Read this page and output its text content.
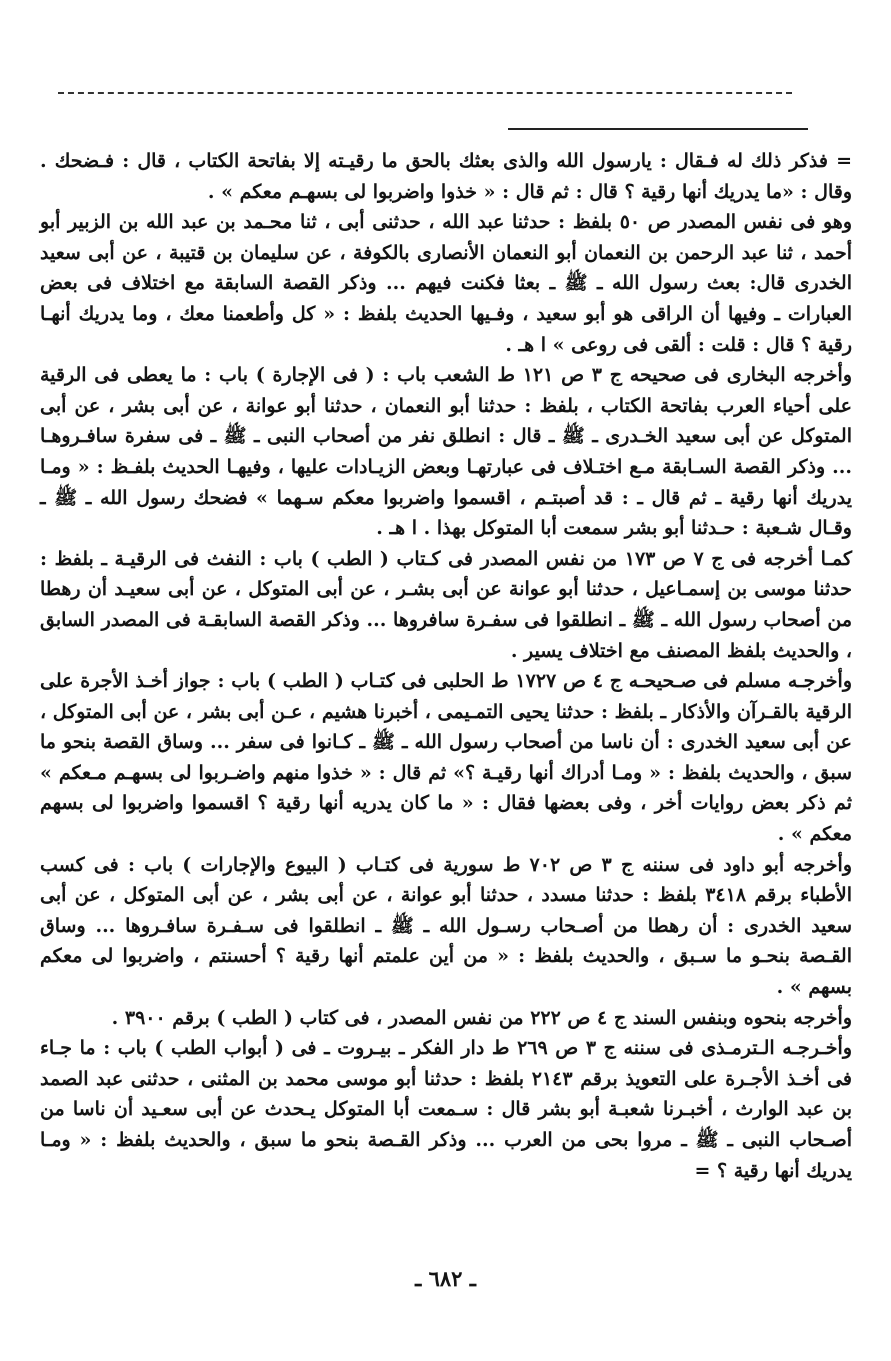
= فذكر ذلك له فـقال : يارسول الله والذى بعثك بالحق ما رقيـته إلا بفاتحة الكتاب ، قال : فـضحك . وقال : «ما يدريك أنها رقية ؟ قال : ثم قال : « خذوا واضربوا لى بسهـم معكم » .

وهو فى نفس المصدر ص ٥٠ بلفظ : حدثنا عبد الله ، حدثنى أبى ، ثنا محـمد بن عبد الله بن الزبير أبو أحمد ، ثنا عبد الرحمن بن النعمان أبو النعمان الأنصارى بالكوفة ، عن سليمان بن قتيبة ، عن أبى سعيد الخدرى قال: بعث رسول الله ـ ﷺ ـ بعثا فكنت فيهم ... وذكر القصة السابقة مع اختلاف فى بعض العبارات ـ وفيها أن الراقى هو أبو سعيد ، وفـيها الحديث بلفظ : « كل وأطعمنا معك ، وما يدريك أنهـا رقية ؟ قال : قلت : ألقى فى روعى » ا هـ .

وأخرجه البخارى فى صحيحه ج ٣ ص ١٢١ ط الشعب باب : ( فى الإجارة ) باب : ما يعطى فى الرقية على أحياء العرب بفاتحة الكتاب ، بلفظ : حدثنا أبو النعمان ، حدثنا أبو عوانة ، عن أبى بشر ، عن أبى المتوكل عن أبى سعيد الخـدرى ـ ﷺ ـ قال : انطلق نفر من أصحاب النبى ـ ﷺ ـ فى سفرة سافـروهـا ... وذكر القصة السـابقة مـع اختـلاف فى عبارتهـا وبعض الزيـادات عليها ، وفيهـا الحديث بلفـظ : « ومـا يدريك أنها رقية ـ ثم قال ـ : قد أصبتـم ، اقسموا واضربوا معكم سـهما » فضحك رسول الله ـ ﷺ ـ وقـال شـعبة : حـدثنا أبو بشر سمعت أبا المتوكل بهذا . ا هـ .

كمـا أخرجه فى ج ٧ ص ١٧٣ من نفس المصدر فى كـتاب ( الطب ) باب : النفث فى الرقيـة ـ بلفظ : حدثنا موسى بن إسمـاعيل ، حدثنا أبو عوانة عن أبى بشـر ، عن أبى المتوكل ، عن أبى سعيـد أن رهطا من أصحاب رسول الله ـ ﷺ ـ انطلقوا فى سفـرة سافروها ... وذكر القصة السابقـة فى المصدر السابق ، والحديث بلفظ المصنف مع اختلاف يسير .

وأخرجـه مسلم فى صـحيحـه ج ٤ ص ١٧٢٧ ط الحلبى فى كتـاب ( الطب ) باب : جواز أخـذ الأجرة على الرقية بالقـرآن والأذكار ـ بلفظ : حدثنا يحيى التمـيمى ، أخبرنا هشيم ، عـن أبى بشر ، عن أبى المتوكل ، عن أبى سعيد الخدرى : أن ناسا من أصحاب رسول الله ـ ﷺ ـ كـانوا فى سفر ... وساق القصة بنحو ما سبق ، والحديث بلفظ : « ومـا أدراك أنها رقيـة ؟» ثم قال : « خذوا منهم واضـربوا لى بسهـم مـعكم » ثم ذكر بعض روايات أخر ، وفى بعضها فقال : « ما كان يدريه أنها رقية ؟ اقسموا واضربوا لى بسهم معكم » .

وأخرجه أبو داود فى سننه ج ٣ ص ٧٠٢ ط سورية فى كتـاب ( البيوع والإجارات ) باب : فى كسب الأطباء برقم ٣٤١٨ بلفظ : حدثنا مسدد ، حدثنا أبو عوانة ، عن أبى بشر ، عن أبى المتوكل ، عن أبى سعيد الخدرى : أن رهطا من أصـحاب رسـول الله ـ ﷺ ـ انطلقوا فى سـفـرة سافـروها ... وساق القـصة بنحـو ما سـبق ، والحديث بلفظ : « من أين علمتم أنها رقية ؟ أحسنتم ، واضربوا لى معكم بسهم » .

وأخرجه بنحوه وبنفس السند ج ٤ ص ٢٢٢ من نفس المصدر ، فى كتاب ( الطب ) برقم ٣٩٠٠ .

وأخـرجـه الـترمـذى فى سننه ج ٣ ص ٢٦٩ ط دار الفكر ـ بيـروت ـ فى ( أبواب الطب ) باب : ما جـاء فى أخـذ الأجـرة على التعويذ برقم ٢١٤٣ بلفظ : حدثنا أبو موسى محمد بن المثنى ، حدثنى عبد الصمد بن عبد الوارث ، أخبـرنا شعبـة أبو بشر قال : سـمعت أبا المتوكل يـحدث عن أبى سعـيد أن ناسا من أصـحاب النبى ـ ﷺ ـ مروا بحى من العرب ... وذكر القـصة بنحو ما سبق ، والحديث بلفظ : « ومـا يدريك أنها رقية ؟ =

ـ ٦٨٢ ـ
